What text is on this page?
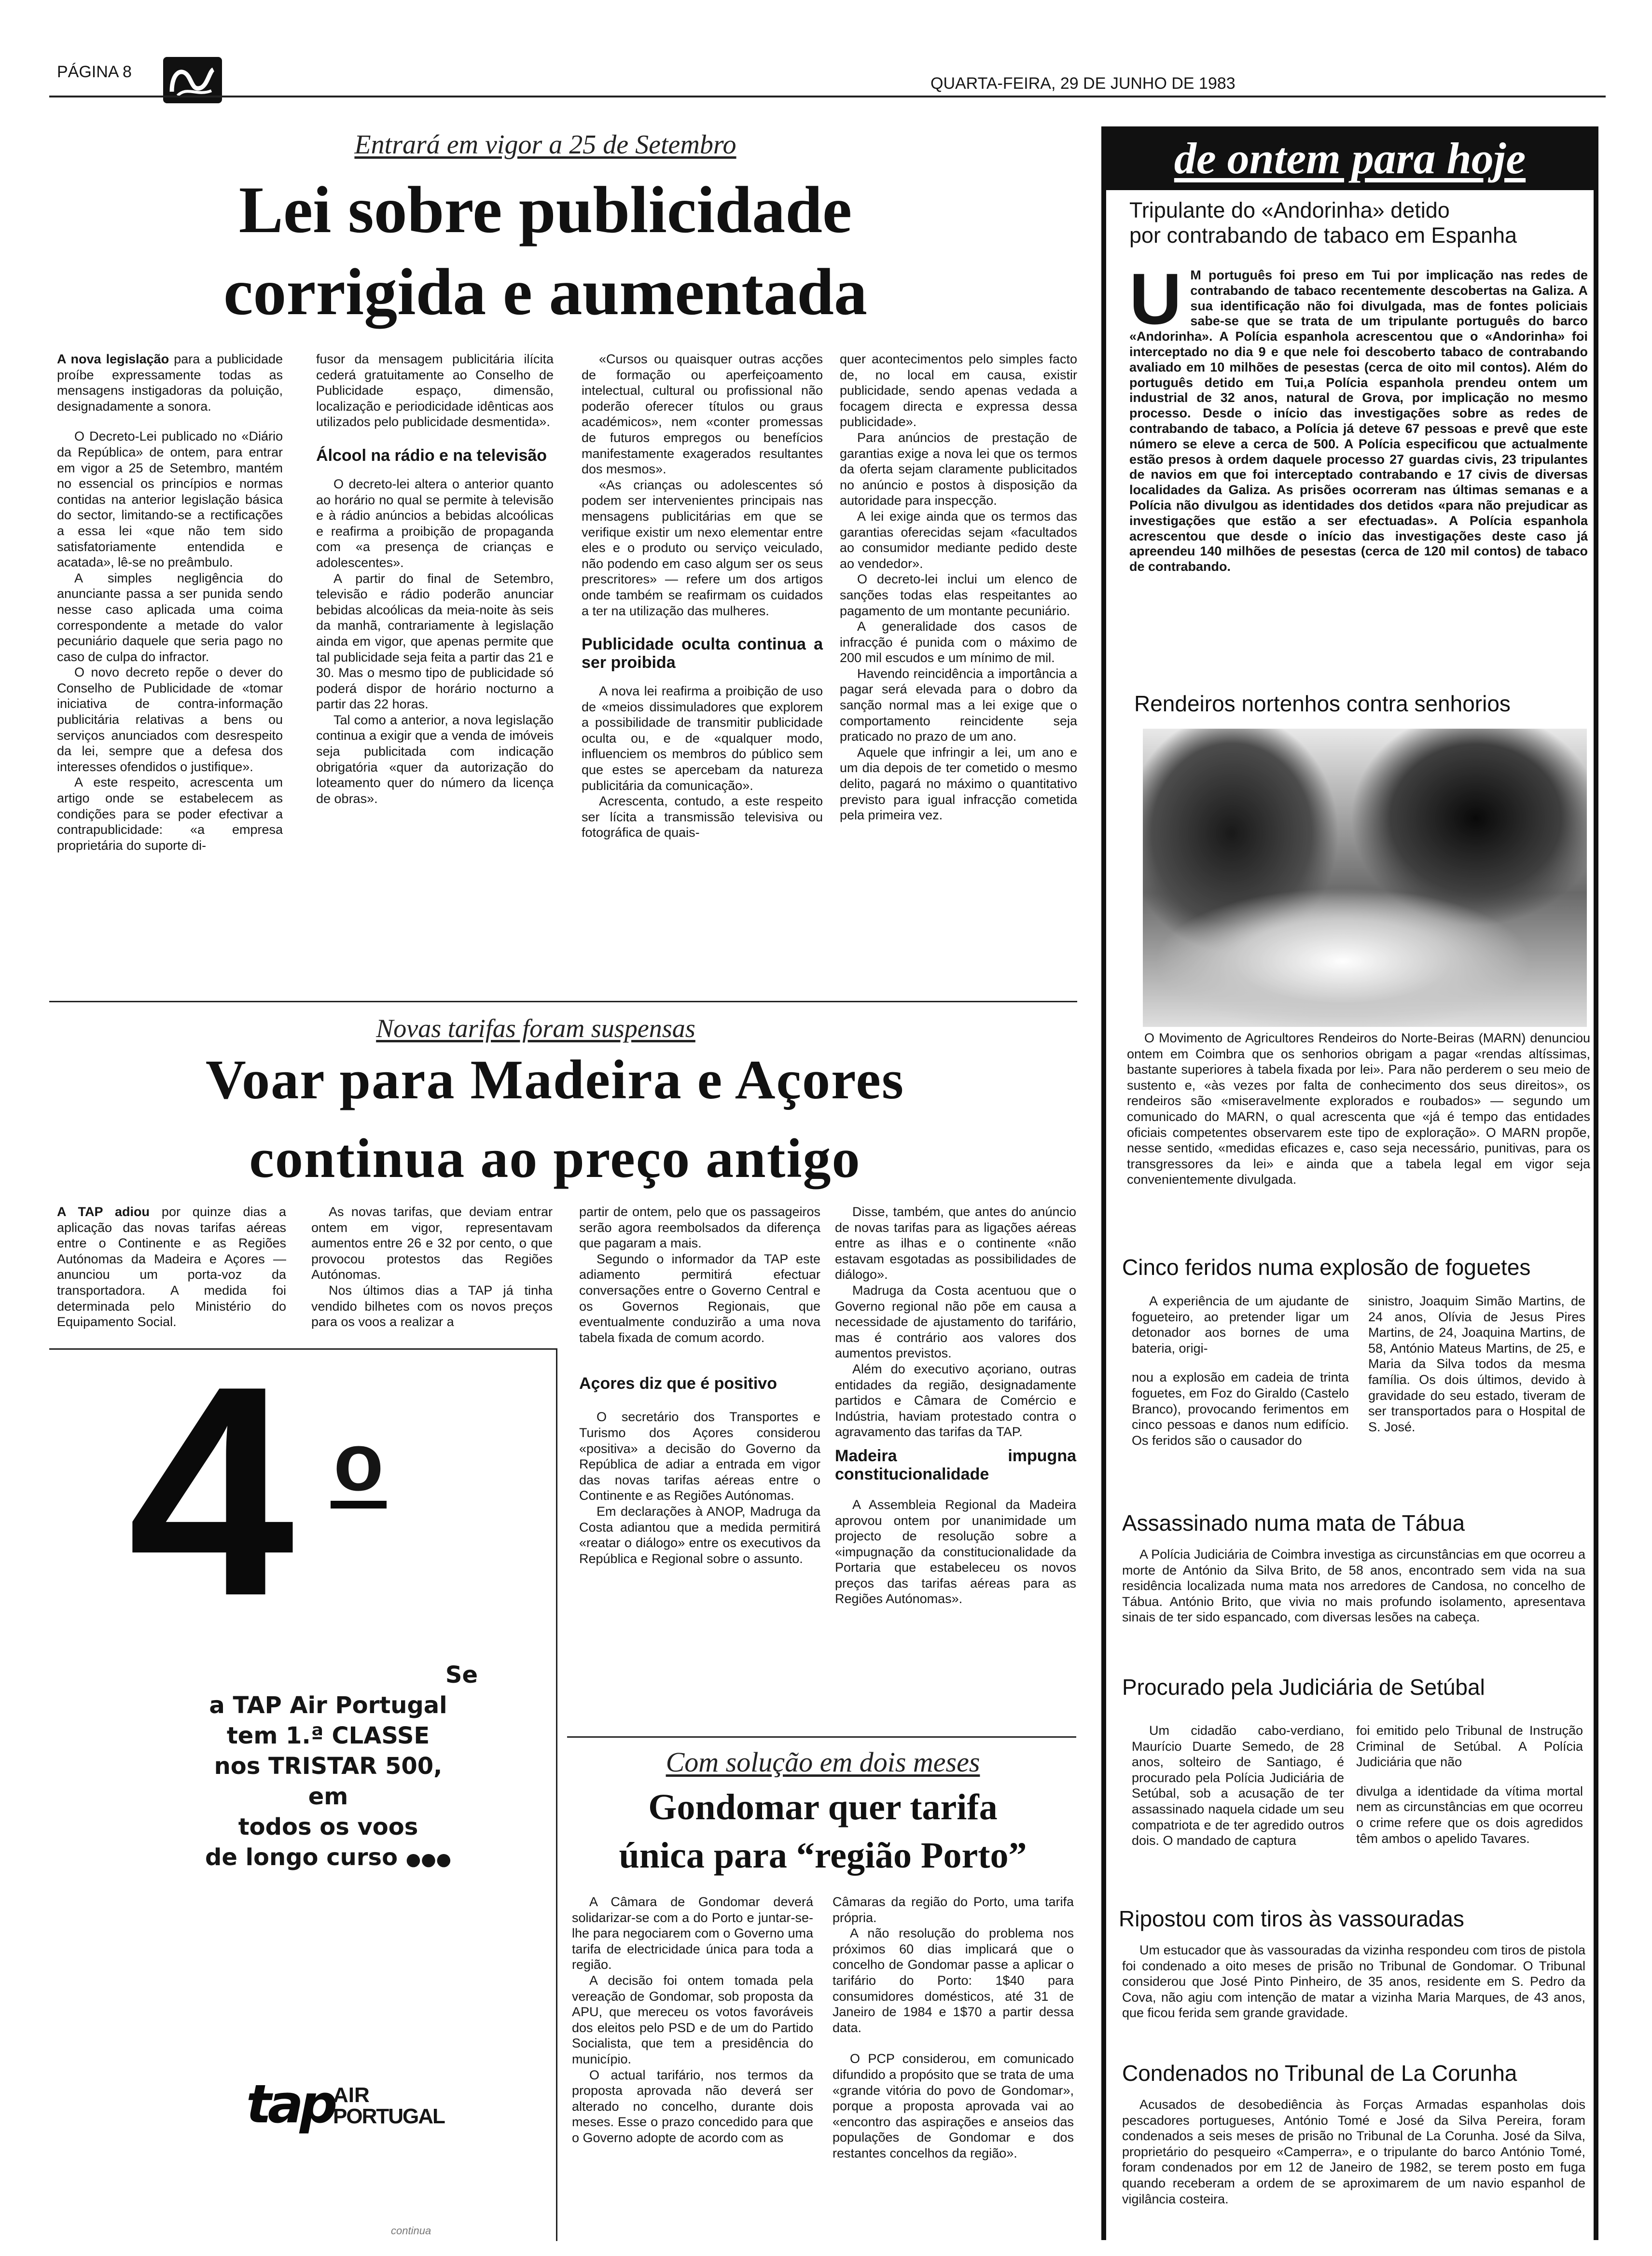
PÁGINA 8
QUARTA-FEIRA, 29 DE JUNHO DE 1983
Entrará em vigor a 25 de Setembro
Lei sobre publicidade
corrigida e aumentada

A nova legislação para a publicidade proíbe expressamente todas as mensagens instigadoras da poluição, designadamente a sonora.

O Decreto-Lei publicado no «Diário da República» de ontem, para entrar em vigor a 25 de Setembro, mantém no essencial os princípios e normas contidas na anterior legislação básica do sector, limitando-se a rectificações a essa lei «que não tem sido satisfatoriamente entendida e acatada», lê-se no preâmbulo.

A simples negligência do anunciante passa a ser punida sendo nesse caso aplicada uma coima correspondente a metade do valor pecuniário daquele que seria pago no caso de culpa do infractor.

O novo decreto repõe o dever do Conselho de Publicidade de «tomar iniciativa de contra-informação publicitária relativas a bens ou serviços anunciados com desrespeito da lei, sempre que a defesa dos interesses ofendidos o justifique».

A este respeito, acrescenta um artigo onde se estabelecem as condições para se poder efectivar a contrapublicidade: «a empresa proprietária do suporte di-

fusor da mensagem publicitária ilícita cederá gratuitamente ao Conselho de Publicidade espaço, dimensão, localização e periodicidade idênticas aos utilizados pelo publicidade desmentida».

Álcool na rádio e na televisão

O decreto-lei altera o anterior quanto ao horário no qual se permite à televisão e à rádio anúncios a bebidas alcoólicas e reafirma a proibição de propaganda com «a presença de crianças e adolescentes».

A partir do final de Setembro, televisão e rádio poderão anunciar bebidas alcoólicas da meia-noite às seis da manhã, contrariamente à legislação ainda em vigor, que apenas permite que tal publicidade seja feita a partir das 21 e 30. Mas o mesmo tipo de publicidade só poderá dispor de horário nocturno a partir das 22 horas.

Tal como a anterior, a nova legislação continua a exigir que a venda de imóveis seja publicitada com indicação obrigatória «quer da autorização do loteamento quer do número da licença de obras».

«Cursos ou quaisquer outras acções de formação ou aperfeiçoamento intelectual, cultural ou profissional não poderão oferecer títulos ou graus académicos», nem «conter promessas de futuros empregos ou benefícios manifestamente exagerados resultantes dos mesmos».

«As crianças ou adolescentes só podem ser intervenientes principais nas mensagens publicitárias em que se verifique existir um nexo elementar entre eles e o produto ou serviço veiculado, não podendo em caso algum ser os seus prescritores» — refere um dos artigos onde também se reafirmam os cuidados a ter na utilização das mulheres.

Publicidade oculta continua a ser proibida

A nova lei reafirma a proibição de uso de «meios dissimuladores que explorem a possibilidade de transmitir publicidade oculta ou, e de «qualquer modo, influenciem os membros do público sem que estes se apercebam da natureza publicitária da comunicação».

Acrescenta, contudo, a este respeito ser lícita a transmissão televisiva ou fotográfica de quais-

quer acontecimentos pelo simples facto de, no local em causa, existir publicidade, sendo apenas vedada a focagem directa e expressa dessa publicidade».

Para anúncios de prestação de garantias exige a nova lei que os termos da oferta sejam claramente publicitados no anúncio e postos à disposição da autoridade para inspecção.

A lei exige ainda que os termos das garantias oferecidas sejam «facultados ao consumidor mediante pedido deste ao vendedor».

O decreto-lei inclui um elenco de sanções todas elas respeitantes ao pagamento de um montante pecuniário.

A generalidade dos casos de infracção é punida com o máximo de 200 mil escudos e um mínimo de mil.

Havendo reincidência a importância a pagar será elevada para o dobro da sanção normal mas a lei exige que o comportamento reincidente seja praticado no prazo de um ano.

Aquele que infringir a lei, um ano e um dia depois de ter cometido o mesmo delito, pagará no máximo o quantitativo previsto para igual infracção cometida pela primeira vez.

Novas tarifas foram suspensas
Voar para Madeira e Açores
continua ao preço antigo

A TAP adiou por quinze dias a aplicação das novas tarifas aéreas entre o Continente e as Regiões Autónomas da Madeira e Açores — anunciou um porta-voz da transportadora. A medida foi determinada pelo Ministério do Equipamento Social.

As novas tarifas, que deviam entrar ontem em vigor, representavam aumentos entre 26 e 32 por cento, o que provocou protestos das Regiões Autónomas.

Nos últimos dias a TAP já tinha vendido bilhetes com os novos preços para os voos a realizar a

partir de ontem, pelo que os passageiros serão agora reembolsados da diferença que pagaram a mais.

Segundo o informador da TAP este adiamento permitirá efectuar conversações entre o Governo Central e os Governos Regionais, que eventualmente conduzirão a uma nova tabela fixada de comum acordo.

Açores diz que é positivo

O secretário dos Transportes e Turismo dos Açores considerou «positiva» a decisão do Governo da República de adiar a entrada em vigor das novas tarifas aéreas entre o Continente e as Regiões Autónomas.

Em declarações à ANOP, Madruga da Costa adiantou que a medida permitirá «reatar o diálogo» entre os executivos da República e Regional sobre o assunto.

Disse, também, que antes do anúncio de novas tarifas para as ligações aéreas entre as ilhas e o continente «não estavam esgotadas as possibilidades de diálogo».

Madruga da Costa acentuou que o Governo regional não põe em causa a necessidade de ajustamento do tarifário, mas é contrário aos valores dos aumentos previstos.

Além do executivo açoriano, outras entidades da região, designadamente partidos e Câmara de Comércio e Indústria, haviam protestado contra o agravamento das tarifas da TAP.

Madeira impugna constitucionalidade

A Assembleia Regional da Madeira aprovou ontem por unanimidade um projecto de resolução sobre a «impugnação da constitucionalidade da Portaria que estabeleceu os novos preços das tarifas aéreas para as Regiões Autónomas».

4 o
Se
a TAP Air Portugal
tem 1.ª CLASSE
nos TRISTAR 500,
em
todos os voos
de longo curso ●●●
tap
AIR
PORTUGAL
continua
Com solução em dois meses
Gondomar quer tarifa
única para “região Porto”

A Câmara de Gondomar deverá solidarizar-se com a do Porto e juntar-se-lhe para negociarem com o Governo uma tarifa de electricidade única para toda a região.

A decisão foi ontem tomada pela vereação de Gondomar, sob proposta da APU, que mereceu os votos favoráveis dos eleitos pelo PSD e de um do Partido Socialista, que tem a presidência do município.

O actual tarifário, nos termos da proposta aprovada não deverá ser alterado no concelho, durante dois meses. Esse o prazo concedido para que o Governo adopte de acordo com as

Câmaras da região do Porto, uma tarifa própria.

A não resolução do problema nos próximos 60 dias implicará que o concelho de Gondomar passe a aplicar o tarifário do Porto: 1$40 para consumidores domésticos, até 31 de Janeiro de 1984 e 1$70 a partir dessa data.

O PCP considerou, em comunicado difundido a propósito que se trata de uma «grande vitória do povo de Gondomar», porque a proposta aprovada vai ao «encontro das aspirações e anseios das populações de Gondomar e dos restantes concelhos da região».

de ontem para hoje
Tripulante do «Andorinha» detido
por contrabando de tabaco em Espanha
U M português foi preso em Tui por implicação nas redes de contrabando de tabaco recentemente descobertas na Galiza. A sua identificação não foi divulgada, mas de fontes policiais sabe-se que se trata de um tripulante português do barco «Andorinha». A Polícia espanhola acrescentou que o «Andorinha» foi interceptado no dia 9 e que nele foi descoberto tabaco de contrabando avaliado em 10 milhões de pesestas (cerca de oito mil contos). Além do português detido em Tui,a Polícia espanhola prendeu ontem um industrial de 32 anos, natural de Grova, por implicação no mesmo processo. Desde o início das investigações sobre as redes de contrabando de tabaco, a Polícia já deteve 67 pessoas e prevê que este número se eleve a cerca de 500. A Polícia especificou que actualmente estão presos à ordem daquele processo 27 guardas civis, 23 tripulantes de navios em que foi interceptado contrabando e 17 civis de diversas localidades da Galiza. As prisões ocorreram nas últimas semanas e a Polícia não divulgou as identidades dos detidos «para não prejudicar as investigações que estão a ser efectuadas». A Polícia espanhola acrescentou que desde o início das investigações deste caso já apreendeu 140 milhões de pesestas (cerca de 120 mil contos) de tabaco de contrabando.
Rendeiros nortenhos contra senhorios

O Movimento de Agricultores Rendeiros do Norte-Beiras (MARN) denunciou ontem em Coimbra que os senhorios obrigam a pagar «rendas altíssimas, bastante superiores à tabela fixada por lei». Para não perderem o seu meio de sustento e, «às vezes por falta de conhecimento dos seus direitos», os rendeiros são «miseravelmente explorados e roubados» — segundo um comunicado do MARN, o qual acrescenta que «já é tempo das entidades oficiais competentes observarem este tipo de exploração». O MARN propõe, nesse sentido, «medidas eficazes e, caso seja necessário, punitivas, para os transgressores da lei» e ainda que a tabela legal em vigor seja convenientemente divulgada.

Cinco feridos numa explosão de foguetes

A experiência de um ajudante de fogueteiro, ao pretender ligar um detonador aos bornes de uma bateria, origi-

nou a explosão em cadeia de trinta foguetes, em Foz do Giraldo (Castelo Branco), provocando ferimentos em cinco pessoas e danos num edifício. Os feridos são o causador do

sinistro, Joaquim Simão Martins, de 24 anos, Olívia de Jesus Pires Martins, de 24, Joaquina Martins, de 58, António Mateus Martins, de 25, e Maria da Silva todos da mesma família. Os dois últimos, devido à gravidade do seu estado, tiveram de ser transportados para o Hospital de S. José.

Assassinado numa mata de Tábua

A Polícia Judiciária de Coimbra investiga as circunstâncias em que ocorreu a morte de António da Silva Brito, de 58 anos, encontrado sem vida na sua residência localizada numa mata nos arredores de Candosa, no concelho de Tábua. António Brito, que vivia no mais profundo isolamento, apresentava sinais de ter sido espancado, com diversas lesões na cabeça.

Procurado pela Judiciária de Setúbal

Um cidadão cabo-verdiano, Maurício Duarte Semedo, de 28 anos, solteiro de Santiago, é procurado pela Polícia Judiciária de Setúbal, sob a acusação de ter assassinado naquela cidade um seu compatriota e de ter agredido outros dois. O mandado de captura

foi emitido pelo Tribunal de Instrução Criminal de Setúbal. A Polícia Judiciária que não

divulga a identidade da vítima mortal nem as circunstâncias em que ocorreu o crime refere que os dois agredidos têm ambos o apelido Tavares.

Ripostou com tiros às vassouradas

Um estucador que às vassouradas da vizinha respondeu com tiros de pistola foi condenado a oito meses de prisão no Tribunal de Gondomar. O Tribunal considerou que José Pinto Pinheiro, de 35 anos, residente em S. Pedro da Cova, não agiu com intenção de matar a vizinha Maria Marques, de 43 anos, que ficou ferida sem grande gravidade.

Condenados no Tribunal de La Corunha

Acusados de desobediência às Forças Armadas espanholas dois pescadores portugueses, António Tomé e José da Silva Pereira, foram condenados a seis meses de prisão no Tribunal de La Corunha. José da Silva, proprietário do pesqueiro «Camperra», e o tripulante do barco António Tomé, foram condenados por em 12 de Janeiro de 1982, se terem posto em fuga quando receberam a ordem de se aproximarem de um navio espanhol de vigilância costeira.
